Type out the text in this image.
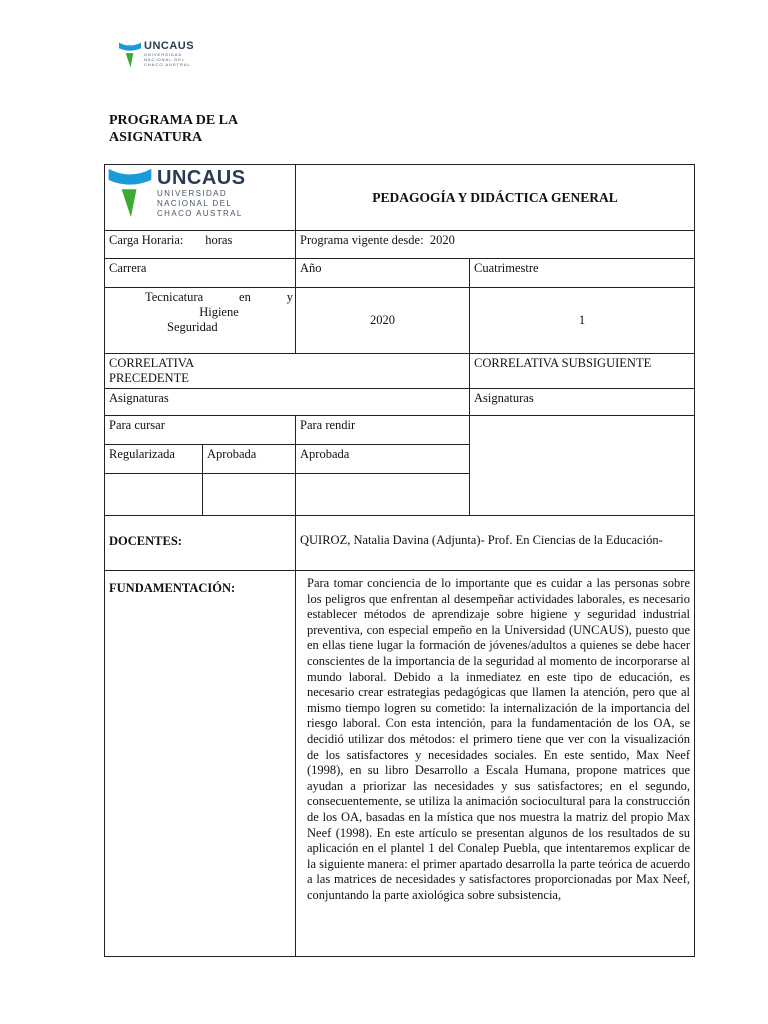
UNCAUS
UNIVERSIDAD
NACIONAL DEL
CHACO AUSTRAL
PROGRAMA DE LA ASIGNATURA
UNCAUS
UNIVERSIDAD
NACIONAL DEL
CHACO AUSTRAL		PEDAGOGÍA Y DIDÁCTICA GENERAL	
Carga Horaria:       horas		Programa vigente desde:  2020	
Carrera		Año	Cuatrimestre

Tecnicatura en y
Higiene
Seguridad		2020	1

CORRELATIVA PRECEDENTE			CORRELATIVA SUBSIGUIENTE
Asignaturas			Asignaturas
Para cursar		Para rendir	
Regularizada	Aprobada	Aprobada	

DOCENTES:		QUIROZ, Natalia Davina (Adjunta)- Prof. En Ciencias de la Educación-	
FUNDAMENTACIÓN:		Para tomar conciencia de lo importante que es cuidar a las personas sobre los peligros que enfrentan al desempeñar actividades laborales, es necesario establecer métodos de aprendizaje sobre higiene y seguridad industrial preventiva, con especial empeño en la Universidad (UNCAUS), puesto que en ellas tiene lugar la formación de jóvenes/adultos a quienes se debe hacer conscientes de la importancia de la seguridad al momento de incorporarse al mundo laboral. Debido a la inmediatez en este tipo de educación, es necesario crear estrategias pedagógicas que llamen la atención, pero que al mismo tiempo logren su cometido: la internalización de la importancia del riesgo laboral. Con esta intención, para la fundamentación de los OA, se decidió utilizar dos métodos: el primero tiene que ver con la visualización de los satisfactores y necesidades sociales. En este sentido, Max Neef (1998), en su libro Desarrollo a Escala Humana, propone matrices que ayudan a priorizar las necesidades y sus satisfactores; en el segundo, consecuentemente, se utiliza la animación sociocultural para la construcción de los OA, basadas en la mística que nos muestra la matriz del propio Max Neef (1998). En este artículo se presentan algunos de los resultados de su aplicación en el plantel 1 del Conalep Puebla, que intentaremos explicar de la siguiente manera: el primer apartado desarrolla la parte teórica de acuerdo a las matrices de necesidades y satisfactores proporcionadas por Max Neef, conjuntando la parte axiológica sobre subsistencia,	
